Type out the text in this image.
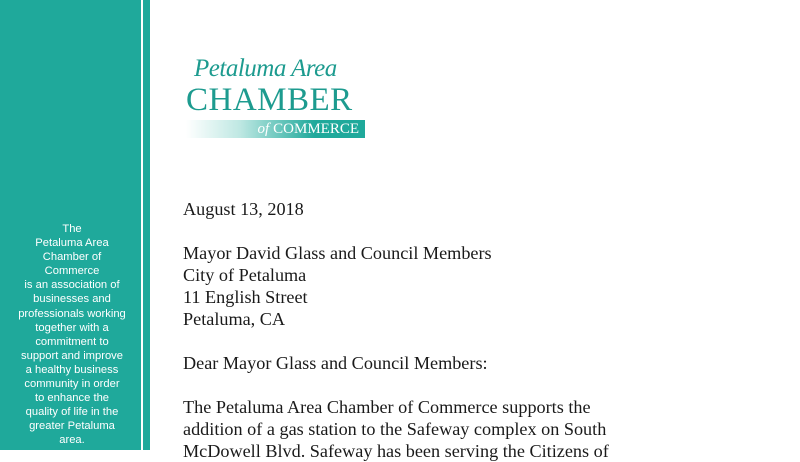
The
Petaluma Area
Chamber of
Commerce
is an association of
businesses and
professionals working
together with a
commitment to
support and improve
a healthy business
community in order
to enhance the
quality of life in the
greater Petaluma
area.

Petaluma Area
CHAMBER
of COMMERCE

August 13, 2018

Mayor David Glass and Council Members

City of Petaluma

11 English Street

Petaluma, CA

Dear Mayor Glass and Council Members:

The Petaluma Area Chamber of Commerce supports the

addition of a gas station to the Safeway complex on South

McDowell Blvd. Safeway has been serving the Citizens of
